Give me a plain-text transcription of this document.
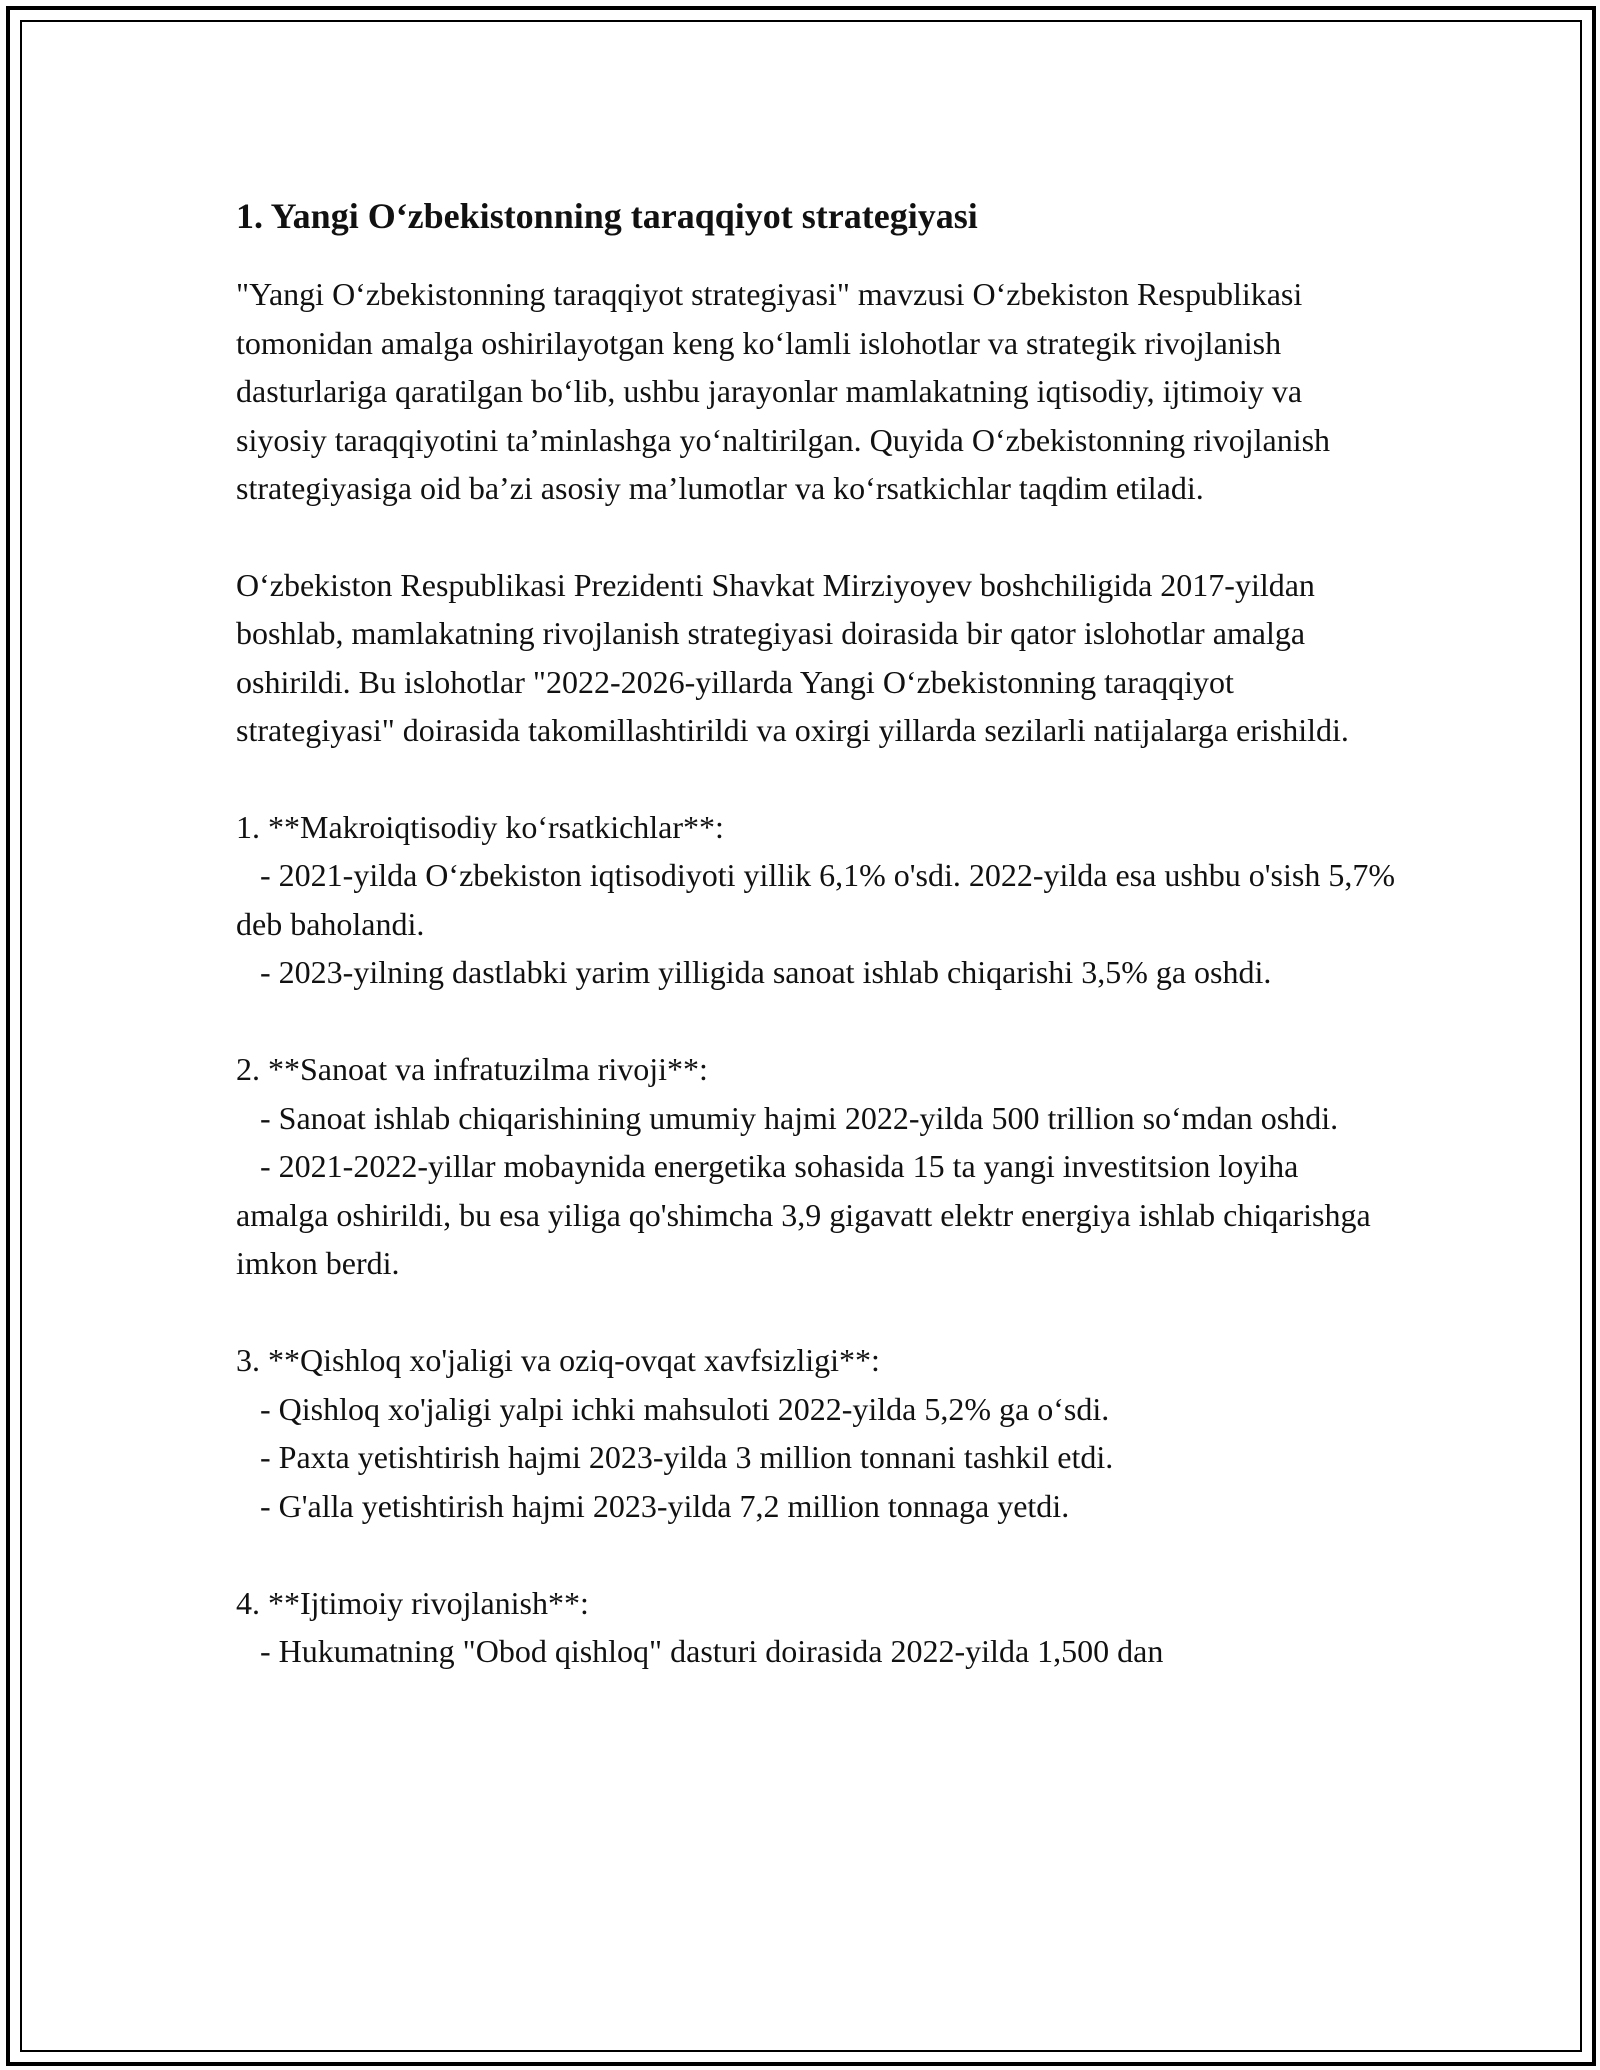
1. Yangi O‘zbekistonning taraqqiyot strategiyasi

"Yangi O‘zbekistonning taraqqiyot strategiyasi" mavzusi O‘zbekiston Respublikasi tomonidan amalga oshirilayotgan keng ko‘lamli islohotlar va strategik rivojlanish dasturlariga qaratilgan bo‘lib, ushbu jarayonlar mamlakatning iqtisodiy, ijtimoiy va siyosiy taraqqiyotini ta’minlashga yo‘naltirilgan. Quyida O‘zbekistonning rivojlanish strategiyasiga oid ba’zi asosiy ma’lumotlar va ko‘rsatkichlar taqdim etiladi.

O‘zbekiston Respublikasi Prezidenti Shavkat Mirziyoyev boshchiligida 2017-yildan boshlab, mamlakatning rivojlanish strategiyasi doirasida bir qator islohotlar amalga oshirildi. Bu islohotlar "2022-2026-yillarda Yangi O‘zbekistonning taraqqiyot strategiyasi" doirasida takomillashtirildi va oxirgi yillarda sezilarli natijalarga erishildi.

1. **Makroiqtisodiy ko‘rsatkichlar**:

- 2021-yilda O‘zbekiston iqtisodiyoti yillik 6,1% o'sdi. 2022-yilda esa ushbu o'sish 5,7% deb baholandi.

- 2023-yilning dastlabki yarim yilligida sanoat ishlab chiqarishi 3,5% ga oshdi.

2. **Sanoat va infratuzilma rivoji**:

- Sanoat ishlab chiqarishining umumiy hajmi 2022-yilda 500 trillion so‘mdan oshdi.

- 2021-2022-yillar mobaynida energetika sohasida 15 ta yangi investitsion loyiha amalga oshirildi, bu esa yiliga qo'shimcha 3,9 gigavatt elektr energiya ishlab chiqarishga imkon berdi.

3. **Qishloq xo'jaligi va oziq-ovqat xavfsizligi**:

- Qishloq xo'jaligi yalpi ichki mahsuloti 2022-yilda 5,2% ga o‘sdi.

- Paxta yetishtirish hajmi 2023-yilda 3 million tonnani tashkil etdi.

- G'alla yetishtirish hajmi 2023-yilda 7,2 million tonnaga yetdi.

4. **Ijtimoiy rivojlanish**:

- Hukumatning "Obod qishloq" dasturi doirasida 2022-yilda 1,500 dan
